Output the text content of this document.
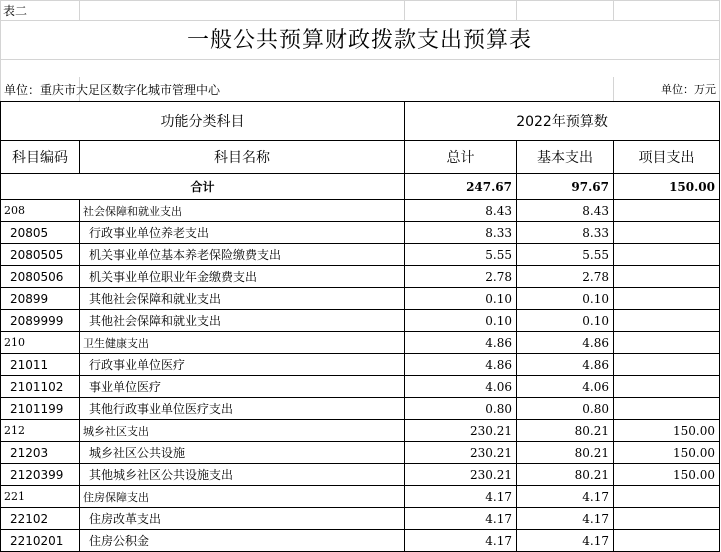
表二
一般公共预算财政拨款支出预算表
单位：重庆市大足区数字化城市管理中心	单位：万元
功能分类科目		2022年预算数		
科目编码	科目名称	总计	基本支出	项目支出
合计		247.67	97.67	150.00
208	社会保障和就业支出	8.43	8.43	
20805	行政事业单位养老支出	8.33	8.33	
2080505	机关事业单位基本养老保险缴费支出	5.55	5.55	
2080506	机关事业单位职业年金缴费支出	2.78	2.78	
20899	其他社会保障和就业支出	0.10	0.10	
2089999	其他社会保障和就业支出	0.10	0.10	
210	卫生健康支出	4.86	4.86	
21011	行政事业单位医疗	4.86	4.86	
2101102	事业单位医疗	4.06	4.06	
2101199	其他行政事业单位医疗支出	0.80	0.80	
212	城乡社区支出	230.21	80.21	150.00
21203	城乡社区公共设施	230.21	80.21	150.00
2120399	其他城乡社区公共设施支出	230.21	80.21	150.00
221	住房保障支出	4.17	4.17	
22102	住房改革支出	4.17	4.17	
2210201	住房公积金	4.17	4.17	
